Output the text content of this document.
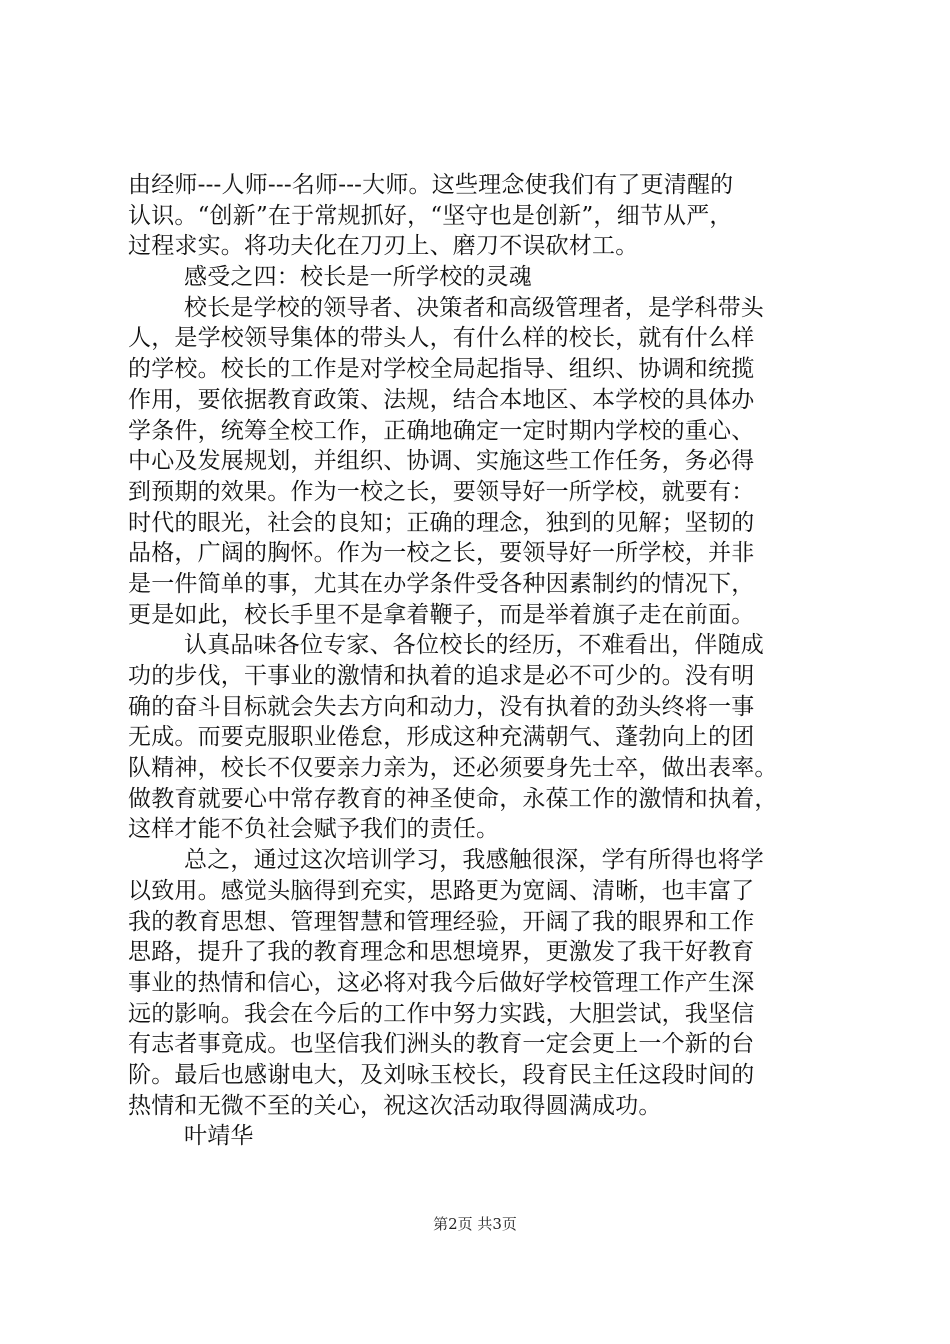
由经师---人师---名师---大师。这些理念使我们有了更清醒的
认识。“创新”在于常规抓好，“坚守也是创新”，细节从严，
过程求实。将功夫化在刀刃上、磨刀不误砍材工。
感受之四：校长是一所学校的灵魂
校长是学校的领导者、决策者和高级管理者，是学科带头
人，是学校领导集体的带头人，有什么样的校长，就有什么样
的学校。校长的工作是对学校全局起指导、组织、协调和统揽
作用，要依据教育政策、法规，结合本地区、本学校的具体办
学条件，统筹全校工作，正确地确定一定时期内学校的重心、
中心及发展规划，并组织、协调、实施这些工作任务，务必得
到预期的效果。作为一校之长，要领导好一所学校，就要有：
时代的眼光，社会的良知；正确的理念，独到的见解；坚韧的
品格，广阔的胸怀。作为一校之长，要领导好一所学校，并非
是一件简单的事，尤其在办学条件受各种因素制约的情况下，
更是如此，校长手里不是拿着鞭子，而是举着旗子走在前面。
认真品味各位专家、各位校长的经历，不难看出，伴随成
功的步伐，干事业的激情和执着的追求是必不可少的。没有明
确的奋斗目标就会失去方向和动力，没有执着的劲头终将一事
无成。而要克服职业倦怠，形成这种充满朝气、蓬勃向上的团
队精神，校长不仅要亲力亲为，还必须要身先士卒，做出表率。
做教育就要心中常存教育的神圣使命，永葆工作的激情和执着，
这样才能不负社会赋予我们的责任。
总之，通过这次培训学习，我感触很深，学有所得也将学
以致用。感觉头脑得到充实，思路更为宽阔、清晰，也丰富了
我的教育思想、管理智慧和管理经验，开阔了我的眼界和工作
思路，提升了我的教育理念和思想境界，更激发了我干好教育
事业的热情和信心，这必将对我今后做好学校管理工作产生深
远的影响。我会在今后的工作中努力实践，大胆尝试，我坚信
有志者事竟成。也坚信我们洲头的教育一定会更上一个新的台
阶。最后也感谢电大，及刘咏玉校长，段育民主任这段时间的
热情和无微不至的关心，祝这次活动取得圆满成功。
叶靖华
第2页 共3页
